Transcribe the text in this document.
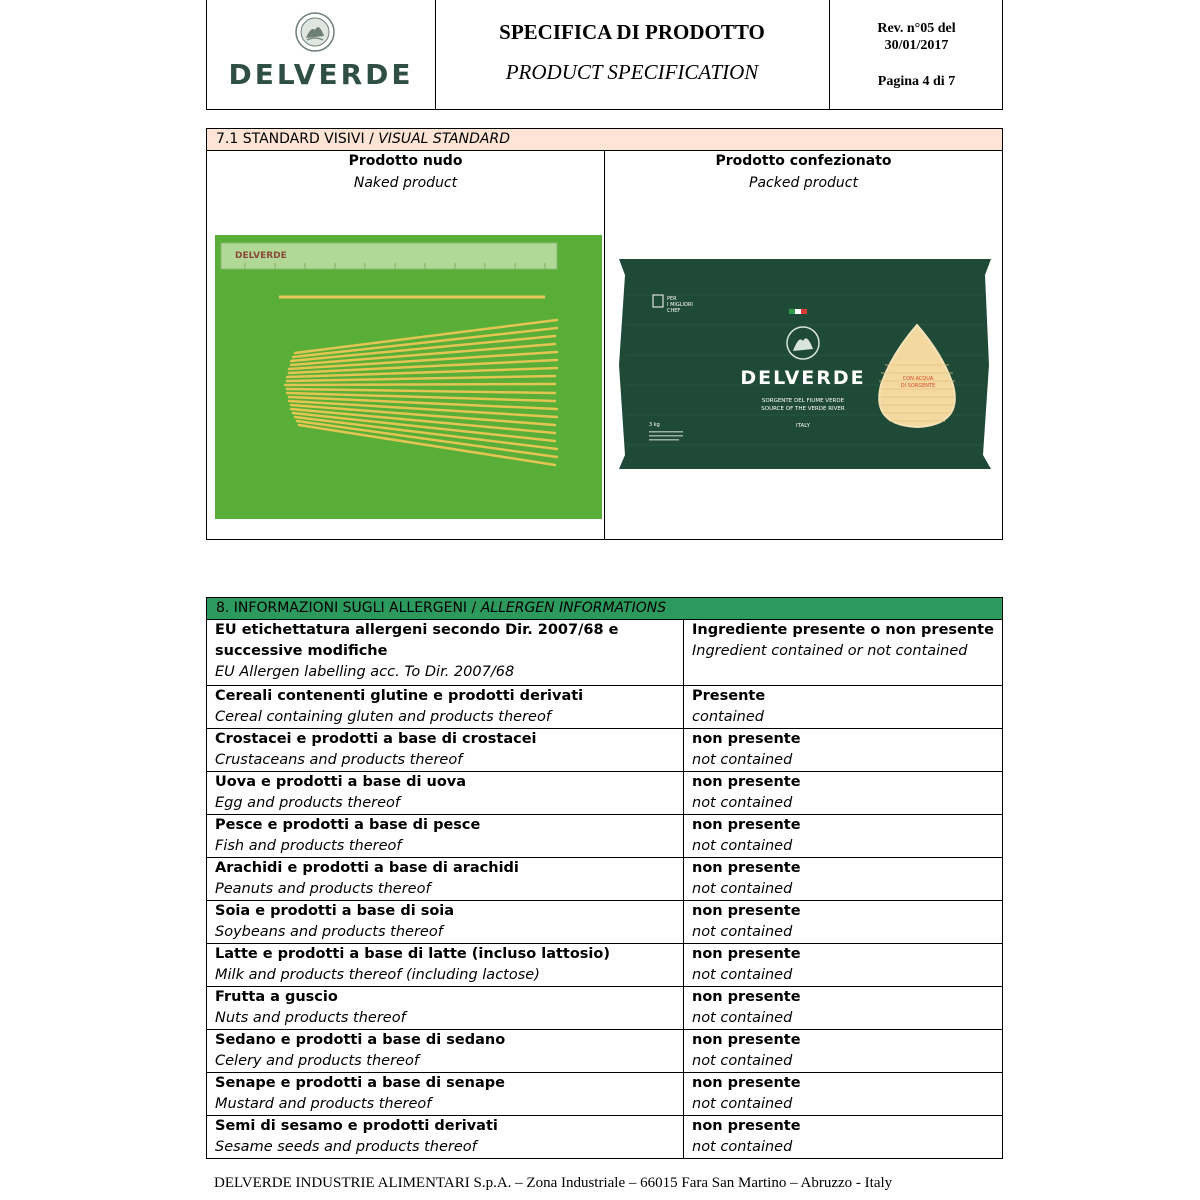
DELVERDE
SPECIFICA DI PRODOTTO
PRODUCT SPECIFICATION
Rev. n°05 del
30/01/2017
Pagina 4 di 7
7.1 STANDARD VISIVI / VISUAL STANDARD
Prodotto nudo
Naked product
DELVERDE
Prodotto confezionato
Packed product
PER
I MIGLIORI
CHEF
DELVERDE
SORGENTE DEL FIUME VERDE
SOURCE OF THE VERDE RIVER
ITALY
3 kg
CON ACQUA
DI SORGENTE
8. INFORMAZIONI SUGLI ALLERGENI / ALLERGEN INFORMATIONS
EU etichettatura allergeni secondo Dir. 2007/68 e successive modifiche
EU Allergen labelling acc. To Dir. 2007/68
Ingrediente presente o non presente
Ingredient contained or not contained
Cereali contenenti glutine e prodotti derivati
Cereal containing gluten and products thereof
Presente
contained
Crostacei e prodotti a base di crostacei
Crustaceans and products thereof
non presente
not contained
Uova e prodotti a base di uova
Egg and products thereof
non presente
not contained
Pesce e prodotti a base di pesce
Fish and products thereof
non presente
not contained
Arachidi e prodotti a base di arachidi
Peanuts and products thereof
non presente
not contained
Soia e prodotti a base di soia
Soybeans and products thereof
non presente
not contained
Latte e prodotti a base di latte (incluso lattosio)
Milk and products thereof (including lactose)
non presente
not contained
Frutta a guscio
Nuts and products thereof
non presente
not contained
Sedano e prodotti a base di sedano
Celery and products thereof
non presente
not contained
Senape e prodotti a base di senape
Mustard and products thereof
non presente
not contained
Semi di sesamo e prodotti derivati
Sesame seeds and products thereof
non presente
not contained
DELVERDE INDUSTRIE ALIMENTARI S.p.A. – Zona Industriale – 66015 Fara San Martino – Abruzzo - Italy
